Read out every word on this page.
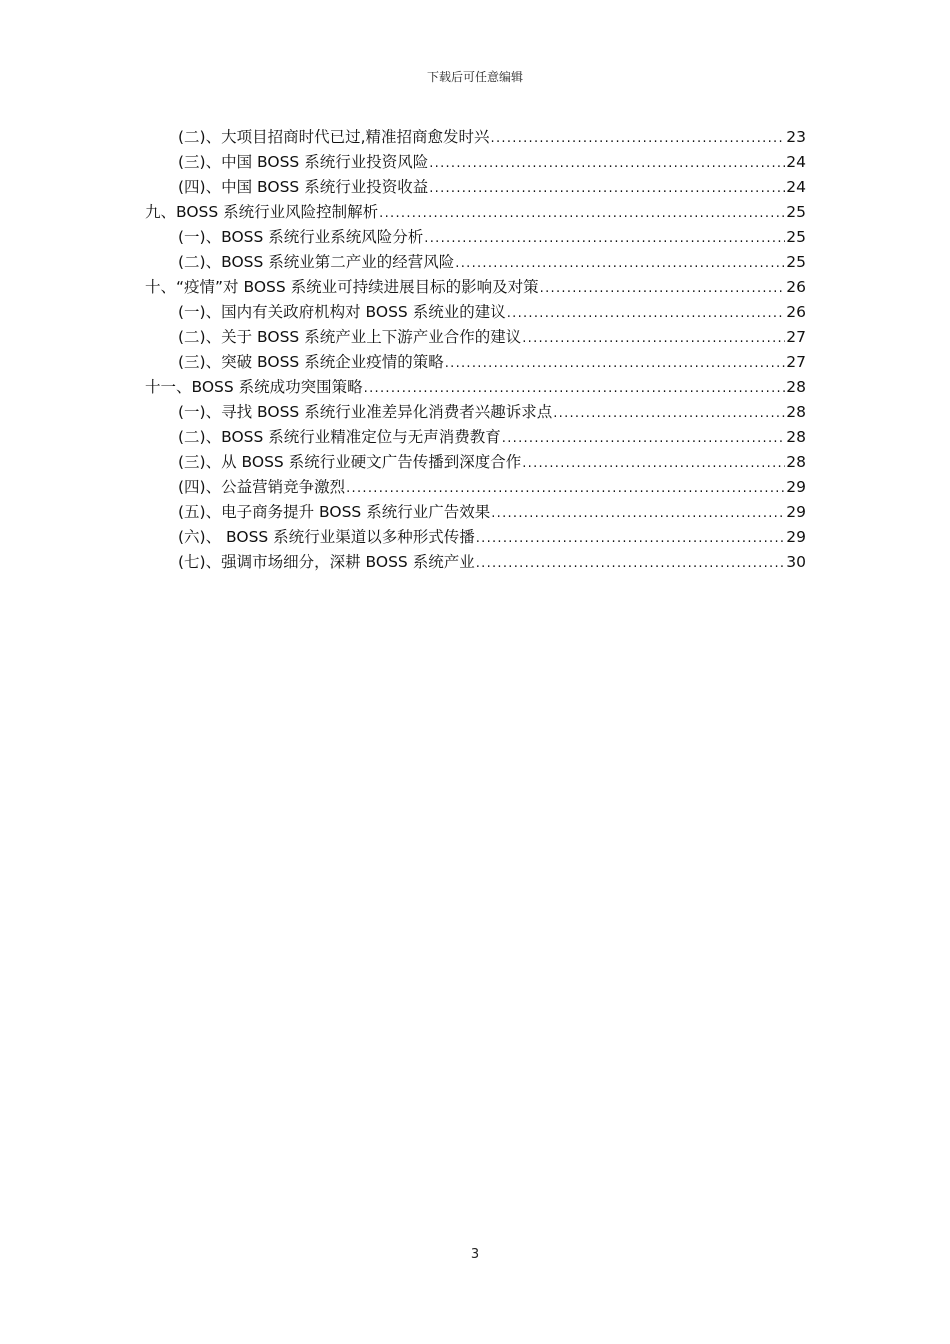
下载后可任意编辑
(二)、大项目招商时代已过,精准招商愈发时兴 .....	23
(三)、中国 BOSS 系统行业投资风险 .....	24
(四)、中国 BOSS 系统行业投资收益 .....	24
九、BOSS 系统行业风险控制解析 .....	25
(一)、BOSS 系统行业系统风险分析 .....	25
(二)、BOSS 系统业第二产业的经营风险 .....	25
十、“疫情”对 BOSS 系统业可持续进展目标的影响及对策 .....	26
(一)、国内有关政府机构对 BOSS 系统业的建议 .....	26
(二)、关于 BOSS 系统产业上下游产业合作的建议 .....	27
(三)、突破 BOSS 系统企业疫情的策略 .....	27
十一、BOSS 系统成功突围策略 .....	28
(一)、寻找 BOSS 系统行业准差异化消费者兴趣诉求点 .....	28
(二)、BOSS 系统行业精准定位与无声消费教育 .....	28
(三)、从 BOSS 系统行业硬文广告传播到深度合作 .....	28
(四)、公益营销竞争激烈 .....	29
(五)、电子商务提升 BOSS 系统行业广告效果 .....	29
(六)、 BOSS 系统行业渠道以多种形式传播 .....	29
(七)、强调市场细分，深耕 BOSS 系统产业 .....	30
3
